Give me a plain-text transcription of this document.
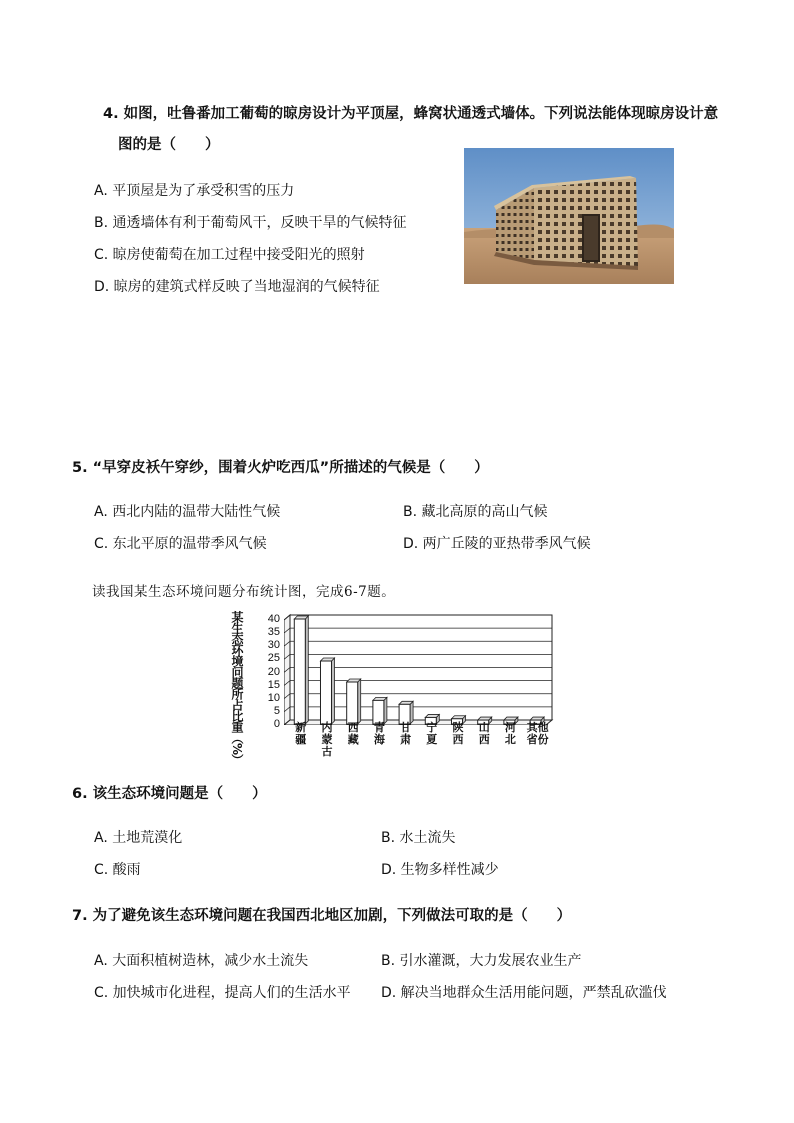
4. 如图，吐鲁番加工葡萄的晾房设计为平顶屋，蜂窝状通透式墙体。下列说法能体现晾房设计意
图的是（　　）
A. 平顶屋是为了承受积雪的压力
B. 通透墙体有利于葡萄风干，反映干旱的气候特征
C. 晾房使葡萄在加工过程中接受阳光的照射
D. 晾房的建筑式样反映了当地湿润的气候特征
5. “早穿皮袄午穿纱，围着火炉吃西瓜”所描述的气候是（　　）
A. 西北内陆的温带大陆性气候	B. 藏北高原的高山气候
C. 东北平原的温带季风气候	D. 两广丘陵的亚热带季风气候
读我国某生态环境问题分布统计图，完成6-7题。
某生态环境问题所占比重（%）	0
5
10
15
20
25
30
35
40
新疆
内蒙古
西藏
青海
甘肃
宁夏
陕西
山西
河北
其他省份
6. 该生态环境问题是（　　）
A. 土地荒漠化	B. 水土流失
C. 酸雨	D. 生物多样性减少
7. 为了避免该生态环境问题在我国西北地区加剧，下列做法可取的是（　　）
A. 大面积植树造林，减少水土流失	B. 引水灌溉，大力发展农业生产
C. 加快城市化进程，提高人们的生活水平 D. 解决当地群众生活用能问题，严禁乱砍滥伐
